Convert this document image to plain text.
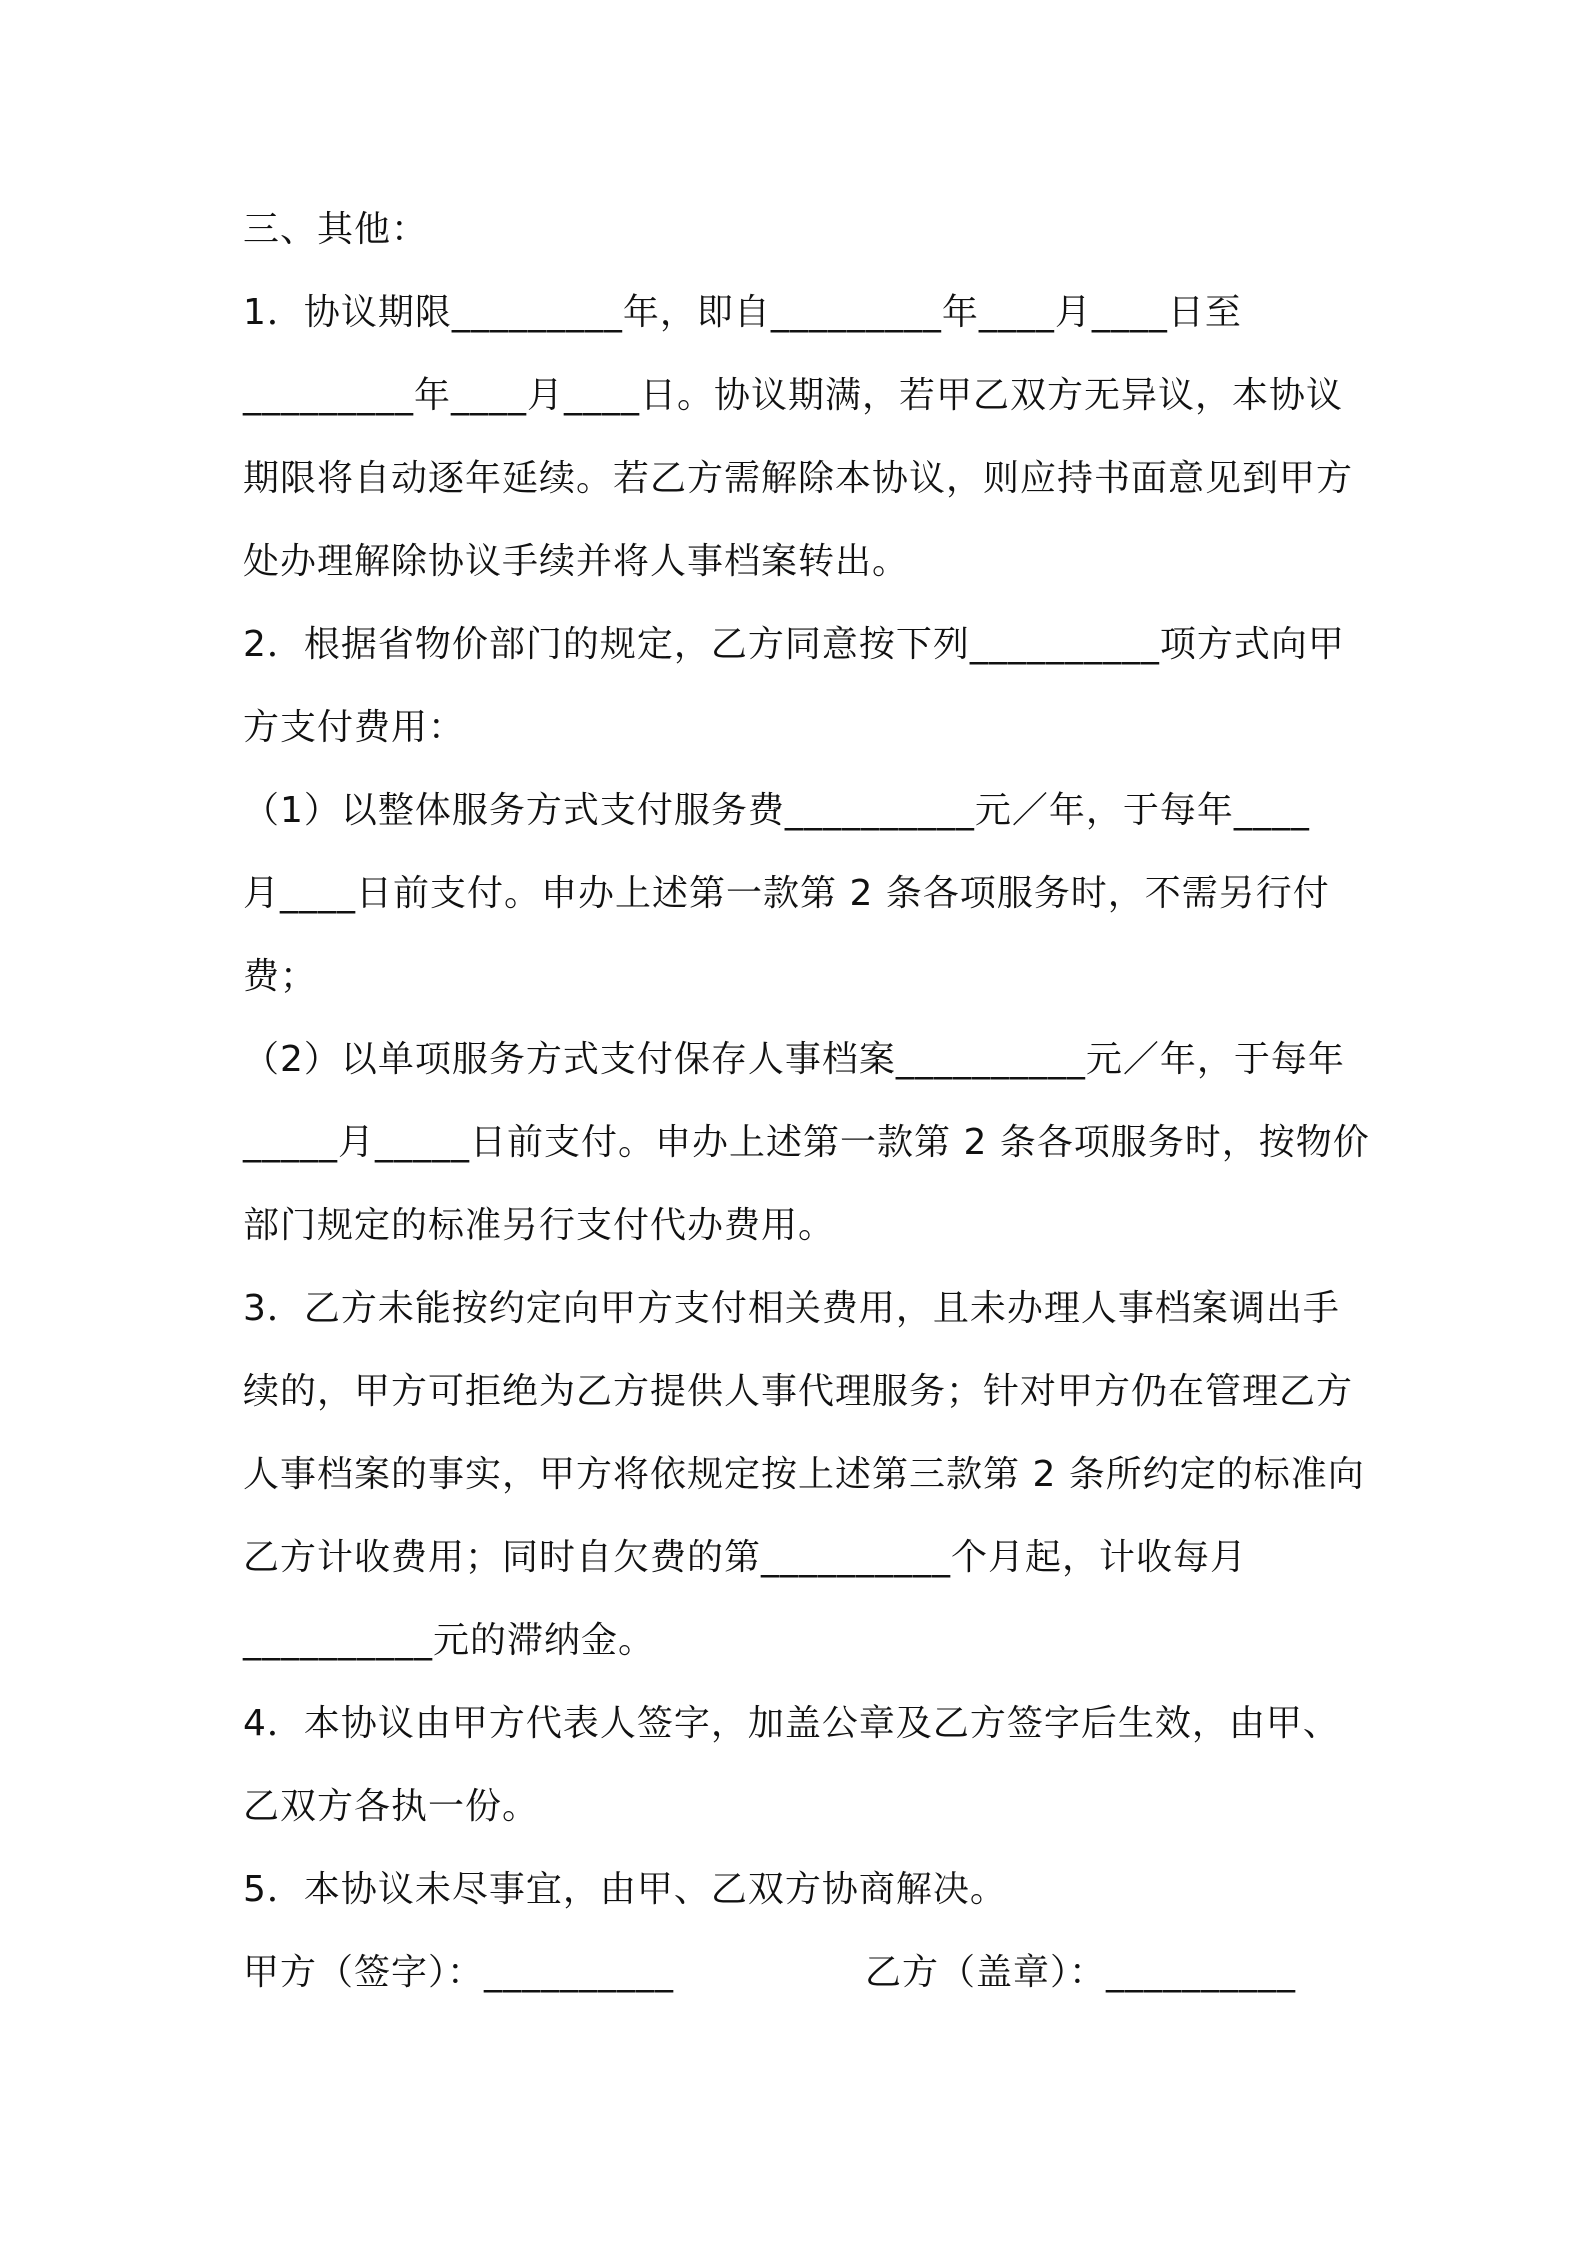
三、其他：
1．协议期限_________年，即自_________年____月____日至
_________年____月____日。协议期满，若甲乙双方无异议，本协议
期限将自动逐年延续。若乙方需解除本协议，则应持书面意见到甲方
处办理解除协议手续并将人事档案转出。
2．根据省物价部门的规定，乙方同意按下列__________项方式向甲
方支付费用：
（1）以整体服务方式支付服务费__________元／年，于每年____
月____日前支付。申办上述第一款第 2 条各项服务时，不需另行付
费；
（2）以单项服务方式支付保存人事档案__________元／年，于每年
_____月_____日前支付。申办上述第一款第 2 条各项服务时，按物价
部门规定的标准另行支付代办费用。
3．乙方未能按约定向甲方支付相关费用，且未办理人事档案调出手
续的，甲方可拒绝为乙方提供人事代理服务；针对甲方仍在管理乙方
人事档案的事实，甲方将依规定按上述第三款第 2 条所约定的标准向
乙方计收费用；同时自欠费的第__________个月起，计收每月
__________元的滞纳金。
4．本协议由甲方代表人签字，加盖公章及乙方签字后生效，由甲、
乙双方各执一份。
5．本协议未尽事宜，由甲、乙双方协商解决。
甲方（签字）：__________	乙方（盖章）：__________
